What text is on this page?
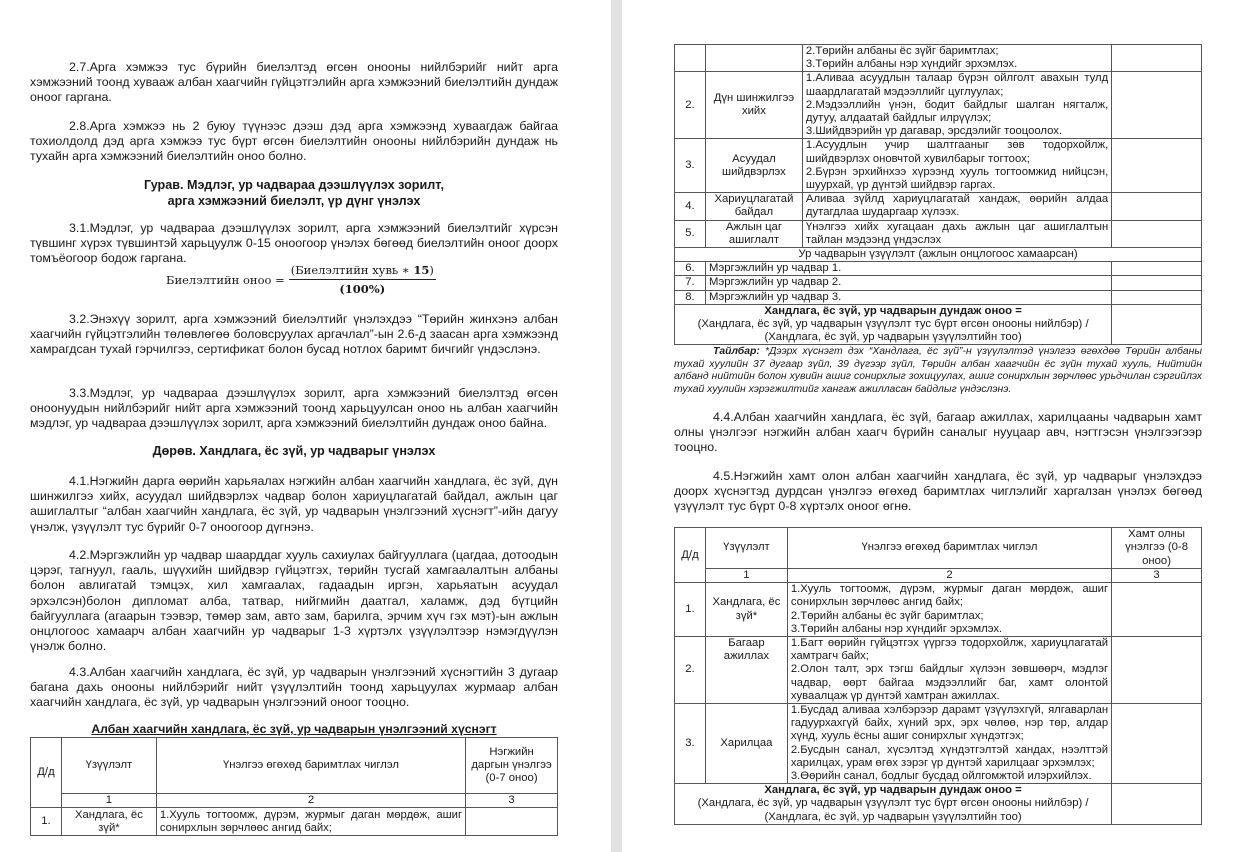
2.7.Арга хэмжээ тус бүрийн биелэлтэд өгсөн онооны нийлбэрийг нийт арга хэмжээний тоонд хувааж албан хаагчийн гүйцэтгэлийн арга хэмжээний биелэлтийн дундаж оноог гаргана.

2.8.Арга хэмжээ нь 2 буюу түүнээс дээш дэд арга хэмжээнд хуваагдаж байгаа тохиолдолд дэд арга хэмжээ тус бүрт өгсөн биелэлтийн онооны нийлбэрийн дундаж нь тухайн арга хэмжээний биелэлтийн оноо болно.

Гурав. Мэдлэг, ур чадвараа дээшлүүлэх зорилт,
арга хэмжээний биелэлт, үр дүнг үнэлэх

3.1.Мэдлэг, ур чадвараа дээшлүүлэх зорилт, арга хэмжээний биелэлтийг хүрсэн түвшинг хүрэх түвшинтэй харьцуулж 0-15 оноогоор үнэлэх бөгөөд биелэлтийн оноог доорх томъёогоор бодож гаргана.

Биелэлтийн оноо = $\frac{\text{(Биелэлтийн хувь ∗ 15)}}{(100\%)}$

3.2.Энэхүү зорилт, арга хэмжээний биелэлтийг үнэлэхдээ “Төрийн жинхэнэ албан хаагчийн гүйцэтгэлийн төлөвлөгөө боловсруулах аргачлал”-ын 2.6-д заасан арга хэмжээнд хамрагдсан тухай гэрчилгээ, сертификат болон бусад нотлох баримт бичгийг үндэслэнэ.

3.3.Мэдлэг, ур чадвараа дээшлүүлэх зорилт, арга хэмжээний биелэлтэд өгсөн оноонуудын нийлбэрийг нийт арга хэмжээний тоонд харьцуулсан оноо нь албан хаагчийн мэдлэг, ур чадвараа дээшлүүлэх зорилт, арга хэмжээний биелэлтийн дундаж оноо байна.

Дөрөв. Хандлага, ёс зүй, ур чадварыг үнэлэх

4.1.Нэгжийн дарга өөрийн харьяалах нэгжийн албан хаагчийн хандлага, ёс зүй, дүн шинжилгээ хийх, асуудал шийдвэрлэх чадвар болон хариуцлагатай байдал, ажлын цаг ашиглалтыг “албан хаагчийн хандлага, ёс зүй, ур чадварын үнэлгээний хүснэгт”-ийн дагуу үнэлж, үзүүлэлт тус бүрийг 0-7 оноогоор дүгнэнэ.

4.2.Мэргэжлийн ур чадвар шаарддаг хууль сахиулах байгууллага (цагдаа, дотоодын цэрэг, тагнуул, гааль, шүүхийн шийдвэр гүйцэтгэх, төрийн тусгай хамгаалалтын албаны болон авлигатай тэмцэх, хил хамгаалах, гадаадын иргэн, харьяатын асуудал эрхэлсэн)болон дипломат алба, татвар, нийгмийн даатгал, халамж, дэд бүтцийн байгууллага (агаарын тээвэр, төмөр зам, авто зам, барилга, эрчим хүч гэх мэт)-ын ажлын онцлогоос хамаарч албан хаагчийн ур чадварыг 1-3 хүртэлх үзүүлэлтээр нэмэгдүүлэн үнэлж болно.

4.3.Албан хаагчийн хандлага, ёс зүй, ур чадварын үнэлгээний хүснэгтийн 3 дугаар багана дахь онооны нийлбэрийг нийт үзүүлэлтийн тоонд харьцуулах журмаар албан хаагчийн хандлага, ёс зүй, ур чадварын үнэлгээний оноог тооцно.

Албан хаагчийн хандлага, ёс зүй, ур чадварын үнэлгээний хүснэгт
Д/д	Үзүүлэлт	Үнэлгээ өгөхөд баримтлах чиглэл	Нэгжийн даргын үнэлгээ (0-7 оноо)
	1	2	3
1.	Хандлага, ёс зүй*	1.Хууль тогтоомж, дүрэм, журмыг даган мөрдөж, ашиг сонирхлын зөрчлөөс ангид байх;	

		2.Төрийн албаны ёс зүйг баримтлах;
3.Төрийн албаны нэр хүндийг эрхэмлэх.	

2.	Дүн шинжилгээ хийх	1.Аливаа асуудлын талаар бүрэн ойлголт авахын тулд шаардлагатай мэдээллийг цуглуулах;
2.Мэдээллийн үнэн, бодит байдлыг шалган нягталж, дутуу, алдаатай байдлыг илрүүлэх;
3.Шийдвэрийн үр дагавар, эрсдэлийг тооцоолох.	

3.	Асуудал шийдвэрлэх	1.Асуудлын учир шалтгааныг зөв тодорхойлж, шийдвэрлэх оновчтой хувилбарыг тогтоох;
2.Бүрэн эрхийнхээ хүрээнд хууль тогтоомжид нийцсэн, шуурхай, үр дүнтэй шийдвэр гаргах.	

4.	Хариуцлагатай байдал	Аливаа зүйлд хариуцлагатай хандаж, өөрийн алдаа дутагдлаа шударгаар хүлээх.	
5.	Ажлын цаг ашиглалт	Үнэлгээ хийх хугацаан дахь ажлын цаг ашиглалтын тайлан мэдээнд үндэслэх	
Ур чадварын үзүүлэлт (ажлын онцлогоос хамаарсан)			
6.	Мэргэжлийн ур чадвар 1.		
7.	Мэргэжлийн ур чадвар 2.		
8.	Мэргэжлийн ур чадвар 3.		

Хандлага, ёс зүй, ур чадварын дундаж оноо =
(Хандлага, ёс зүй, ур чадварын үзүүлэлт тус бүрт өгсөн онооны нийлбэр) /
(Хандлага, ёс зүй, ур чадварын үзүүлэлтийн тоо)			

Тайлбар: *Дээрх хүснэгт дэх “Хандлага, ёс зүй”-н үзүүлэлтэд үнэлгээ өгөхдөө Төрийн албаны тухай хуулийн 37 дугаар зүйл, 39 дүгээр зүйл, Төрийн албан хаагчийн ёс зүйн тухай хууль, Нийтийн албанд нийтийн болон хувийн ашиг сонирхлыг зохицуулах, ашиг сонирхлын зөрчлөөс урьдчилан сэргийлэх тухай хуулийн хэрэгжилтийг хангаж ажилласан байдлыг үндэслэнэ.

4.4.Албан хаагчийн хандлага, ёс зүй, багаар ажиллах, харилцааны чадварын хамт олны үнэлгээг нэгжийн албан хаагч бүрийн саналыг нууцаар авч, нэгтгэсэн үнэлгээгээр тооцно.

4.5.Нэгжийн хамт олон албан хаагчийн хандлага, ёс зүй, ур чадварыг үнэлэхдээ доорх хүснэгтэд дурдсан үнэлгээ өгөхөд баримтлах чиглэлийг харгалзан үнэлэх бөгөөд үзүүлэлт тус бүрт 0-8 хүртэлх оноог өгнө.

Д/д	Үзүүлэлт	Үнэлгээ өгөхөд баримтлах чиглэл	Хамт олны үнэлгээ (0-8 оноо)
	1	2	3
1.	Хандлага, ёс зүй*	1.Хууль тогтоомж, дүрэм, журмыг даган мөрдөж, ашиг сонирхлын зөрчлөөс ангид байх;
2.Төрийн албаны ёс зүйг баримтлах;
3.Төрийн албаны нэр хүндийг эрхэмлэх.	

2.	Багаар ажиллах	1.Багт өөрийн гүйцэтгэх үүргээ тодорхойлж, хариуцлагатай хамтрагч байх;
2.Олон талт, эрх тэгш байдлыг хүлээн зөвшөөрч, мэдлэг чадвар, өөрт байгаа мэдээллийг баг, хамт олонтой хуваалцаж үр дүнтэй хамтран ажиллах.	

3.	Харилцаа	1.Бусдад аливаа хэлбэрээр дарамт үзүүлэхгүй, ялгаварлан гадуурхахгүй байх, хүний эрх, эрх чөлөө, нэр төр, алдар хүнд, хууль ёсны ашиг сонирхлыг хүндэтгэх;
2.Бусдын санал, хүсэлтэд хүндэтгэлтэй хандах, нээлттэй харилцах, урам өгөх зэрэг үр дүнтэй харилцааг эрхэмлэх;
3.Өөрийн санал, бодлыг бусдад ойлгомжтой илэрхийлэх.	

Хандлага, ёс зүй, ур чадварын дундаж оноо =
(Хандлага, ёс зүй, ур чадварын үзүүлэлт тус бүрт өгсөн онооны нийлбэр) /
(Хандлага, ёс зүй, ур чадварын үзүүлэлтийн тоо)			
